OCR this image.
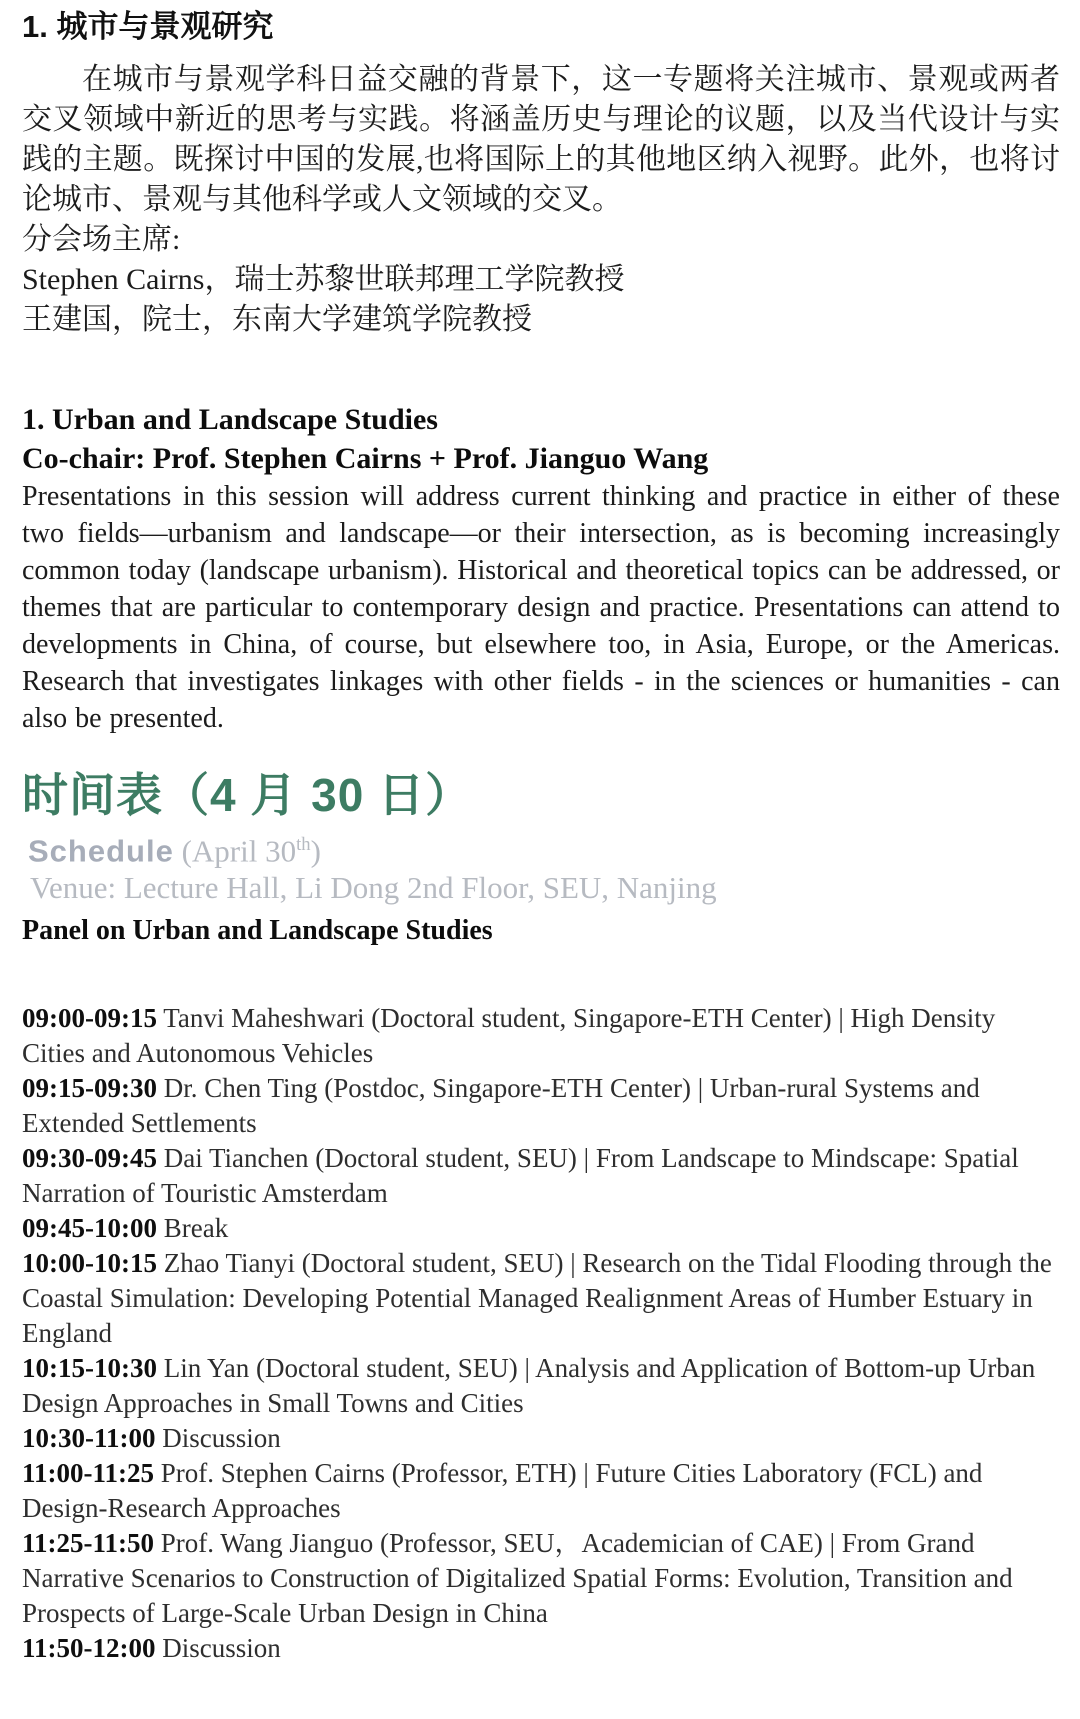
1. 城市与景观研究

在城市与景观学科日益交融的背景下，这一专题将关注城市、景观或两者交叉领域中新近的思考与实践。将涵盖历史与理论的议题，以及当代设计与实践的主题。既探讨中国的发展,也将国际上的其他地区纳入视野。此外，也将讨论城市、景观与其他科学或人文领域的交叉。

分会场主席:

Stephen Cairns，瑞士苏黎世联邦理工学院教授

王建国，院士，东南大学建筑学院教授

1. Urban and Landscape Studies

Co-chair: Prof. Stephen Cairns + Prof. Jianguo Wang

Presentations in this session will address current thinking and practice in either of these two fields—urbanism and landscape—or their intersection, as is becoming increasingly common today (landscape urbanism). Historical and theoretical topics can be addressed, or themes that are particular to contemporary design and practice. Presentations can attend to developments in China, of course, but elsewhere too, in Asia, Europe, or the Americas. Research that investigates linkages with other fields - in the sciences or humanities - can also be presented.

时间表（4 月 30 日）

Schedule (April 30th)

Venue: Lecture Hall, Li Dong 2nd Floor, SEU, Nanjing

Panel on Urban and Landscape Studies

09:00-09:15 Tanvi Maheshwari (Doctoral student, Singapore-ETH Center) | High Density Cities and Autonomous Vehicles

09:15-09:30 Dr. Chen Ting (Postdoc, Singapore-ETH Center) | Urban-rural Systems and Extended Settlements

09:30-09:45 Dai Tianchen (Doctoral student, SEU) | From Landscape to Mindscape: Spatial Narration of Touristic Amsterdam

09:45-10:00 Break

10:00-10:15 Zhao Tianyi (Doctoral student, SEU) | Research on the Tidal Flooding through the Coastal Simulation: Developing Potential Managed Realignment Areas of Humber Estuary in England

10:15-10:30 Lin Yan (Doctoral student, SEU) | Analysis and Application of Bottom-up Urban Design Approaches in Small Towns and Cities

10:30-11:00 Discussion

11:00-11:25 Prof. Stephen Cairns (Professor, ETH) | Future Cities Laboratory (FCL) and Design-Research Approaches

11:25-11:50 Prof. Wang Jianguo (Professor, SEU，Academician of CAE) | From Grand Narrative Scenarios to Construction of Digitalized Spatial Forms: Evolution, Transition and Prospects of Large-Scale Urban Design in China

11:50-12:00 Discussion
